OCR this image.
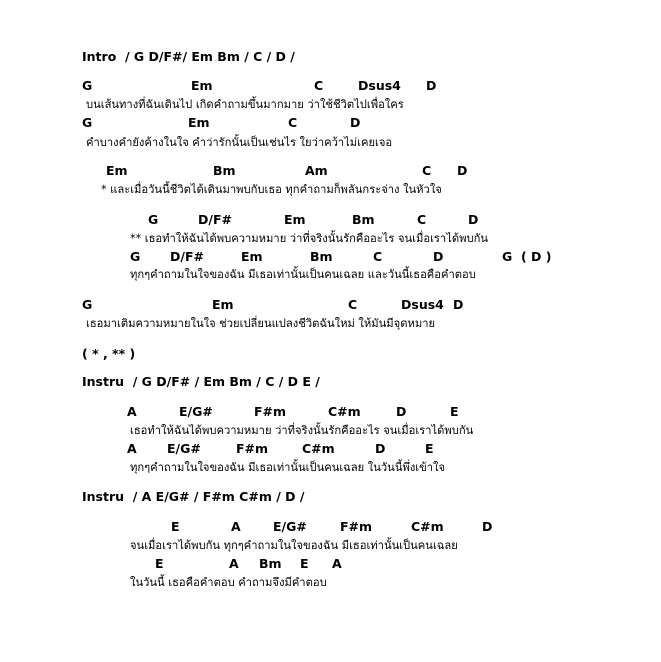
Intro  / G D/F#/ Em Bm / C / D /
G	Em	C	Dsus4 D
บนเส้นทางที่ฉันเดินไป เกิดคำถามขึ้นมากมาย ว่าใช้ชีวิตไปเพื่อใคร
G	Em	C	D
คำบางคำยังค้างในใจ คำว่ารักนั้นเป็นเช่นไร ใยว่าคว้าไม่เคยเจอ
Em	Bm	Am	C D
* และเมื่อวันนี้ชีวิตได้เดินมาพบกับเธอ ทุกคำถามก็พลันกระจ่าง ในหัวใจ
G	D/F#	Em	Bm	C	D
** เธอทำให้ฉันได้พบความหมาย ว่าที่จริงนั้นรักคืออะไร จนเมื่อเราได้พบกัน
G D/F#	Em	Bm	C	D	G  ( D )
ทุกๆคำถามในใจของฉัน มีเธอเท่านั้นเป็นคนเฉลย และวันนี้เธอคือคำตอบ
G	Em	C	Dsus4 D
เธอมาเติมความหมายในใจ ช่วยเปลี่ยนแปลงชีวิตฉันใหม่ ให้มันมีจุดหมาย
( * , ** )
Instru  / G D/F# / Em Bm / C / D E /
A	E/G#	F#m	C#m	D	E
เธอทำให้ฉันได้พบความหมาย ว่าที่จริงนั้นรักคืออะไร จนเมื่อเราได้พบกัน
A E/G#	F#m	C#m	D	E
ทุกๆคำถามในใจของฉัน มีเธอเท่านั้นเป็นคนเฉลย ในวันนี้พึ่งเข้าใจ
Instru  / A E/G# / F#m C#m / D /
E	A	E/G#	F#m	C#m	D
จนเมื่อเราได้พบกัน ทุกๆคำถามในใจของฉัน มีเธอเท่านั้นเป็นคนเฉลย
E	A Bm E A
ในวันนี้ เธอคือคำตอบ คำถามจึงมีคำตอบ
